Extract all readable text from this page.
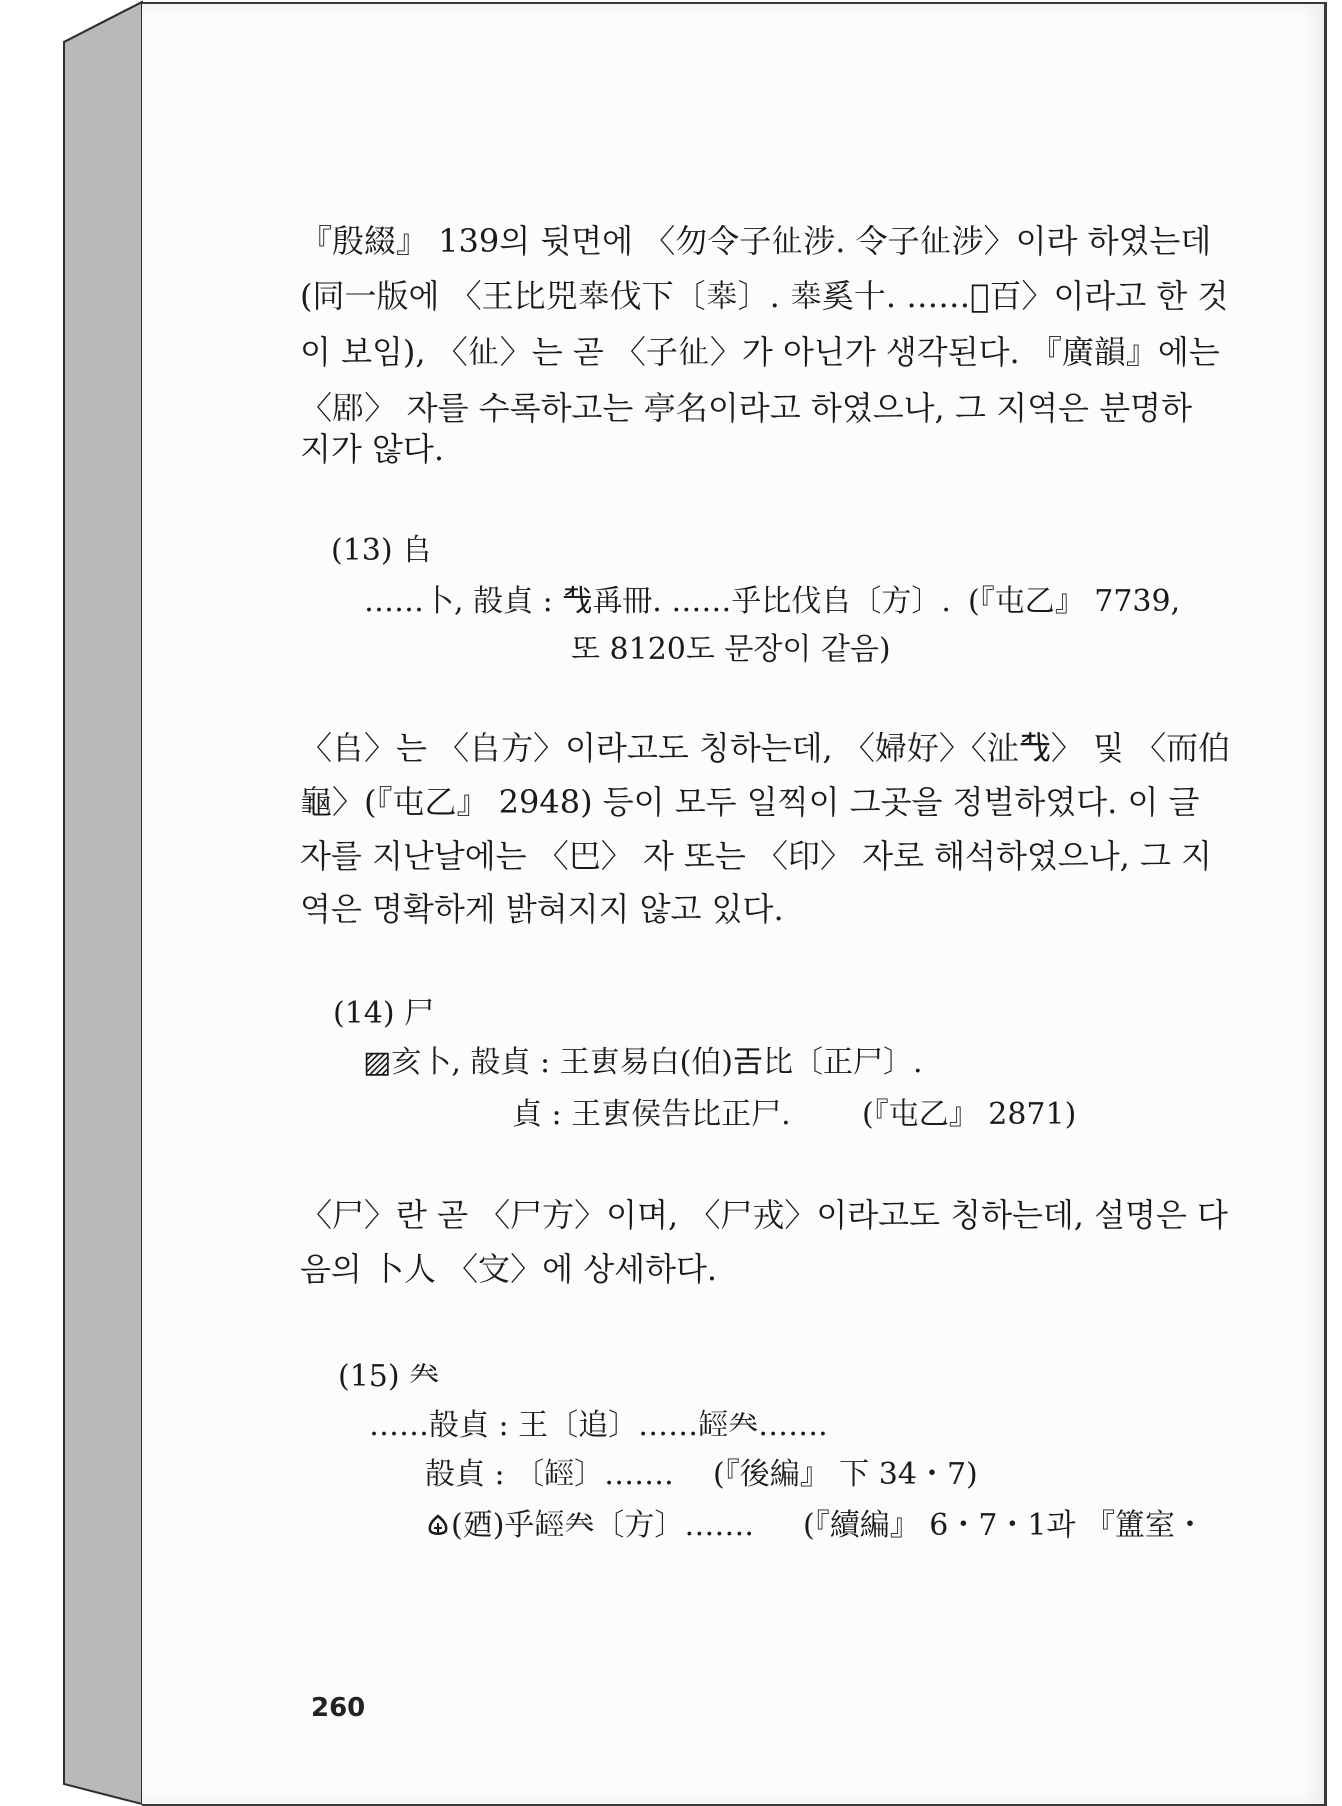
『殷綴』 139의 뒷면에 〈勿令子𢓊涉. 令子𢓊涉〉이라 하였는데
(同一版에 〈王比兕𠦪伐下〔𠦪〕. 𠦪奚十. ……𤰔百〉이라고 한 것
이 보임), 〈𢓊〉는 곧 〈子𢓊〉가 아닌가 생각된다. 『廣韻』에는
〈𨛮〉 자를 수록하고는 亭名이라고 하였으나, 그 지역은 분명하
지가 않다.
(13) 𠂤
……卜, 㱿貞 : 𢦔爯冊. ……乎比伐𠂤〔方〕. (『屯乙』 7739,
또 8120도 문장이 같음)
〈𠂤〉는 〈𠂤方〉이라고도 칭하는데, 〈婦好〉〈沚𢦔〉 및 〈而伯
龜〉(『屯乙』 2948) 등이 모두 일찍이 그곳을 정벌하였다. 이 글
자를 지난날에는 〈巴〉 자 또는 〈印〉 자로 해석하였으나, 그 지
역은 명확하게 밝혀지지 않고 있다.
(14) 尸
▨亥卜, 㱿貞 : 王叀易白(伯)𢀛比〔正尸〕.
貞 : 王叀侯告比正尸. (『屯乙』 2871)
〈尸〉란 곧 〈尸方〉이며, 〈尸戎〉이라고도 칭하는데, 설명은 다
음의 卜人 〈㝊〉에 상세하다.
(15) 𠔉
……㱿貞 : 王〔追〕……𦈵𠔉…….
㱿貞 : 〔𦈵〕……. (『後編』 下 34・7)
(廼)乎𦈵𠔉〔方〕……. (『續編』 6・7・1과 『簠室・
260
